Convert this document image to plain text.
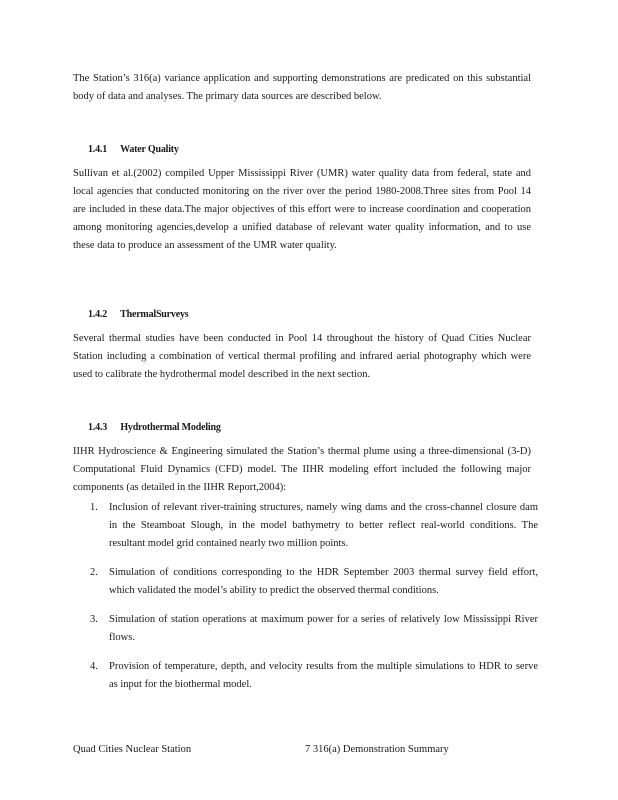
The Station’s 316(a) variance application and supporting demonstrations are predicated on this substantial body of data and analyses. The primary data sources are described below.

1.4.1 Water Quality

Sullivan et al.(2002) compiled Upper Mississippi River (UMR) water quality data from federal, state and local agencies that conducted monitoring on the river over the period 1980-2008.Three sites from Pool 14 are included in these data.The major objectives of this effort were to increase coordination and cooperation among monitoring agencies,develop a unified database of relevant water quality information, and to use these data to produce an assessment of the UMR water quality.

1.4.2 ThermalSurveys

Several thermal studies have been conducted in Pool 14 throughout the history of Quad Cities Nuclear Station including a combination of vertical thermal profiling and infrared aerial photography which were used to calibrate the hydrothermal model described in the next section.

1.4.3 Hydrothermal Modeling

IIHR Hydroscience & Engineering simulated the Station’s thermal plume using a three-dimensional (3-D) Computational Fluid Dynamics (CFD) model. The IIHR modeling effort included the following major components (as detailed in the IIHR Report,2004):

1. Inclusion of relevant river-training structures, namely wing dams and the cross-channel closure dam in the Steamboat Slough, in the model bathymetry to better reflect real-world conditions. The resultant model grid contained nearly two million points.
2. Simulation of conditions corresponding to the HDR September 2003 thermal survey field effort, which validated the model’s ability to predict the observed thermal conditions.
3. Simulation of station operations at maximum power for a series of relatively low Mississippi River flows.
4. Provision of temperature, depth, and velocity results from the multiple simulations to HDR to serve as input for the biothermal model.
Quad Cities Nuclear Station	7 316(a) Demonstration Summary
